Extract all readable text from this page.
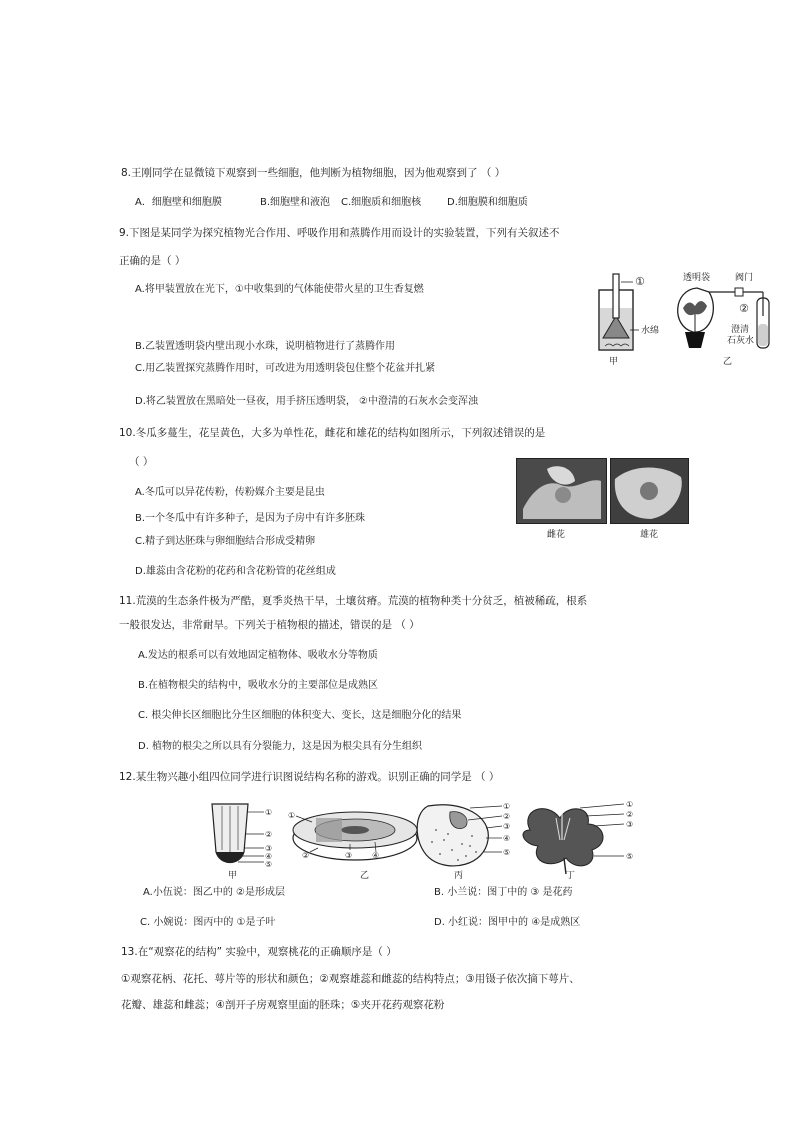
8.王刚同学在显微镜下观察到一些细胞，他判断为植物细胞，因为他观察到了 （ ）
A．细胞壁和细胞膜	B.细胞壁和液泡 C.细胞质和细胞核	D.细胞膜和细胞质
9.下图是某同学为探究植物光合作用、呼吸作用和蒸腾作用而设计的实验装置，下列有关叙述不
正确的是（ ）
A.将甲装置放在光下，①中收集到的气体能使带火星的卫生香复燃
B.乙装置透明袋内壁出现小水珠，说明植物进行了蒸腾作用
C.用乙装置探究蒸腾作用时，可改进为用透明袋包住整个花盆并扎紧
D.将乙装置放在黑暗处一昼夜，用手挤压透明袋， ②中澄清的石灰水会变浑浊
①
水绵
甲
透明袋	阀门
②
澄清
石灰水
乙
10.冬瓜多蔓生，花呈黄色，大多为单性花，雌花和雄花的结构如图所示，下列叙述错误的是
（ ）
A.冬瓜可以异花传粉，传粉媒介主要是昆虫
B.一个冬瓜中有许多种子，是因为子房中有许多胚珠
C.精子到达胚珠与卵细胞结合形成受精卵
D.雄蕊由含花粉的花药和含花粉管的花丝组成
雌花	雄花
11.荒漠的生态条件极为严酷，夏季炎热干旱，土壤贫瘠。荒漠的植物种类十分贫乏，植被稀疏，根系
一般很发达，非常耐旱。下列关于植物根的描述，错误的是 （ ）
A.发达的根系可以有效地固定植物体、吸收水分等物质
B.在植物根尖的结构中，吸收水分的主要部位是成熟区
C. 根尖伸长区细胞比分生区细胞的体积变大、变长，这是细胞分化的结果
D. 植物的根尖之所以具有分裂能力，这是因为根尖具有分生组织
12.某生物兴趣小组四位同学进行识图说结构名称的游戏。识别正确的同学是 （ ）
①
②
③
④
⑤
甲
①
②	③ ④
乙
①
②
③
④
⑤
丙
①
②
③
⑤
丁
A.小伍说：图乙中的 ②是形成层	B. 小兰说：图丁中的 ③ 是花药
C. 小婉说：图丙中的 ①是子叶	D. 小红说：图甲中的 ④是成熟区
13.在“观察花的结构” 实验中，观察桃花的正确顺序是（ ）
①观察花柄、花托、萼片等的形状和颜色；②观察雄蕊和雌蕊的结构特点；③用镊子依次摘下萼片、
花瓣、雄蕊和雌蕊；④剖开子房观察里面的胚珠；⑤夹开花药观察花粉
